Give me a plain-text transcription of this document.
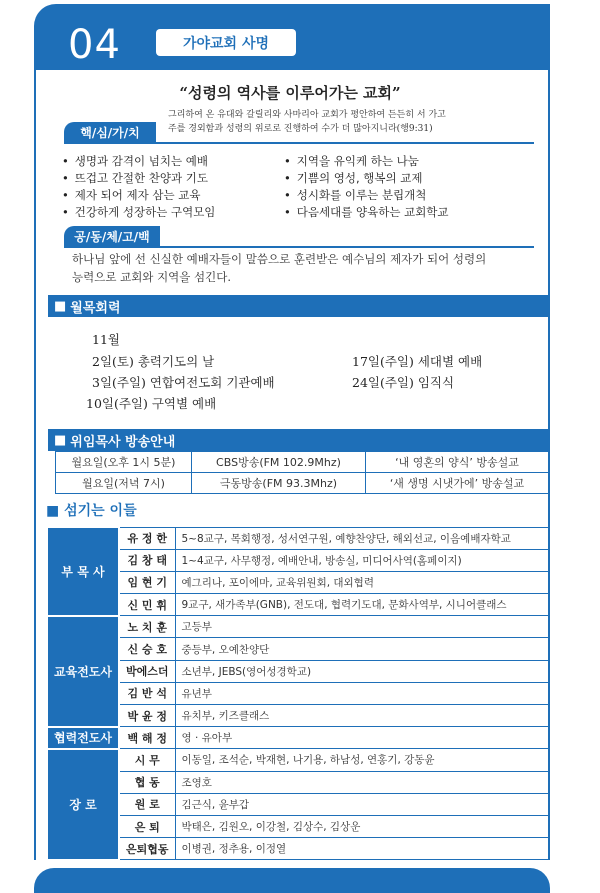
04	가야교회 사명
“성령의 역사를 이루어가는 교회”
그리하여 온 유대와 갈릴리와 사마리아 교회가 평안하여 든든히 서 가고
주를 경외함과 성령의 위로로 진행하여 수가 더 많아지니라(행9:31)
핵/심/가/치
• 생명과 감격이 넘치는 예배
• 뜨겁고 간절한 찬양과 기도
• 제자 되어 제자 삼는 교육
• 건강하게 성장하는 구역모임
• 지역을 유익케 하는 나눔
• 기쁨의 영성, 행복의 교제
• 성시화를 이루는 분립개척
• 다음세대를 양육하는 교회학교
공/동/체/고/백
하나님 앞에 선 신실한 예배자들이 말씀으로 훈련받은 예수님의 제자가 되어 성령의
능력으로 교회와 지역을 섬긴다.
■ 월목회력
11월
2일(토) 총력기도의 날
3일(주일) 연합여전도회 기관예배
10일(주일) 구역별 예배
17일(주일) 세대별 예배
24일(주일) 임직식
■ 위임목사 방송안내
월요일(오후 1시 5분)	CBS방송(FM 102.9Mhz)	‘내 영혼의 양식’ 방송설교
월요일(저녁 7시)	극동방송(FM 93.3Mhz)	‘새 생명 시냇가에’ 방송설교
■ 섬기는 이들
부 목 사	유 정 한	5~8교구, 목회행정, 성서연구원, 예향찬양단, 해외선교, 이음예배자학교
	김 창 태	1~4교구, 사무행정, 예배안내, 방송실, 미디어사역(홈페이지)
	임 현 기	예그리나, 포이에마, 교육위원회, 대외협력
	신 민 휘	9교구, 새가족부(GNB), 전도대, 협력기도대, 문화사역부, 시니어클래스
교육전도사	노 치 훈	고등부
	신 승 호	중등부, 오예찬양단
	박에스더	소년부, JEBS(영어성경학교)
	김 반 석	유년부
	박 윤 정	유치부, 키즈클래스
협력전도사	백 해 정	영 · 유아부
장 로	시 무	이동일, 조석순, 박재현, 나기용, 하남성, 연홍기, 강동윤
	협 동	조영호
	원 로	김근식, 윤부갑
	은 퇴	박태은, 김원오, 이강철, 김상수, 김상운
	은퇴협동	이병권, 정추용, 이정열
